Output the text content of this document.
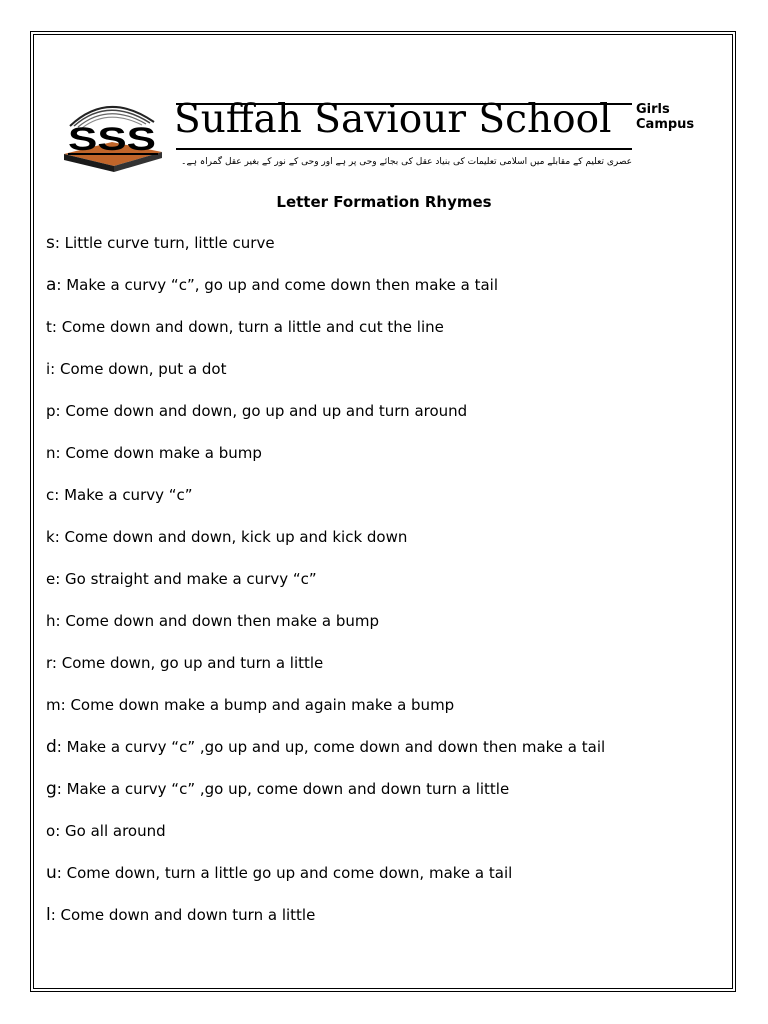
SSS Suffah Saviour School Girls
Campus
عصری تعلیم کے مقابلے میں اسلامی تعلیمات کی بنیاد عقل کی بجائے وحی پر ہے اور وحی کے نور کے بغیر عقل گمراہ ہے۔
Letter Formation Rhymes
s: Little curve turn, little curve
a: Make a curvy “c”, go up and come down then make a tail
t: Come down and down, turn a little and cut the line
i: Come down, put a dot
p: Come down and down, go up and up and turn around
n: Come down make a bump
c: Make a curvy “c”
k: Come down and down, kick up and kick down
e: Go straight and make a curvy “c”
h: Come down and down then make a bump
r: Come down, go up and turn a little
m: Come down make a bump and again make a bump
d: Make a curvy “c” ,go up and up, come down and down then make a tail
g: Make a curvy “c” ,go up, come down and down turn a little
o: Go all around
u: Come down, turn a little go up and come down, make a tail
l: Come down and down turn a little
